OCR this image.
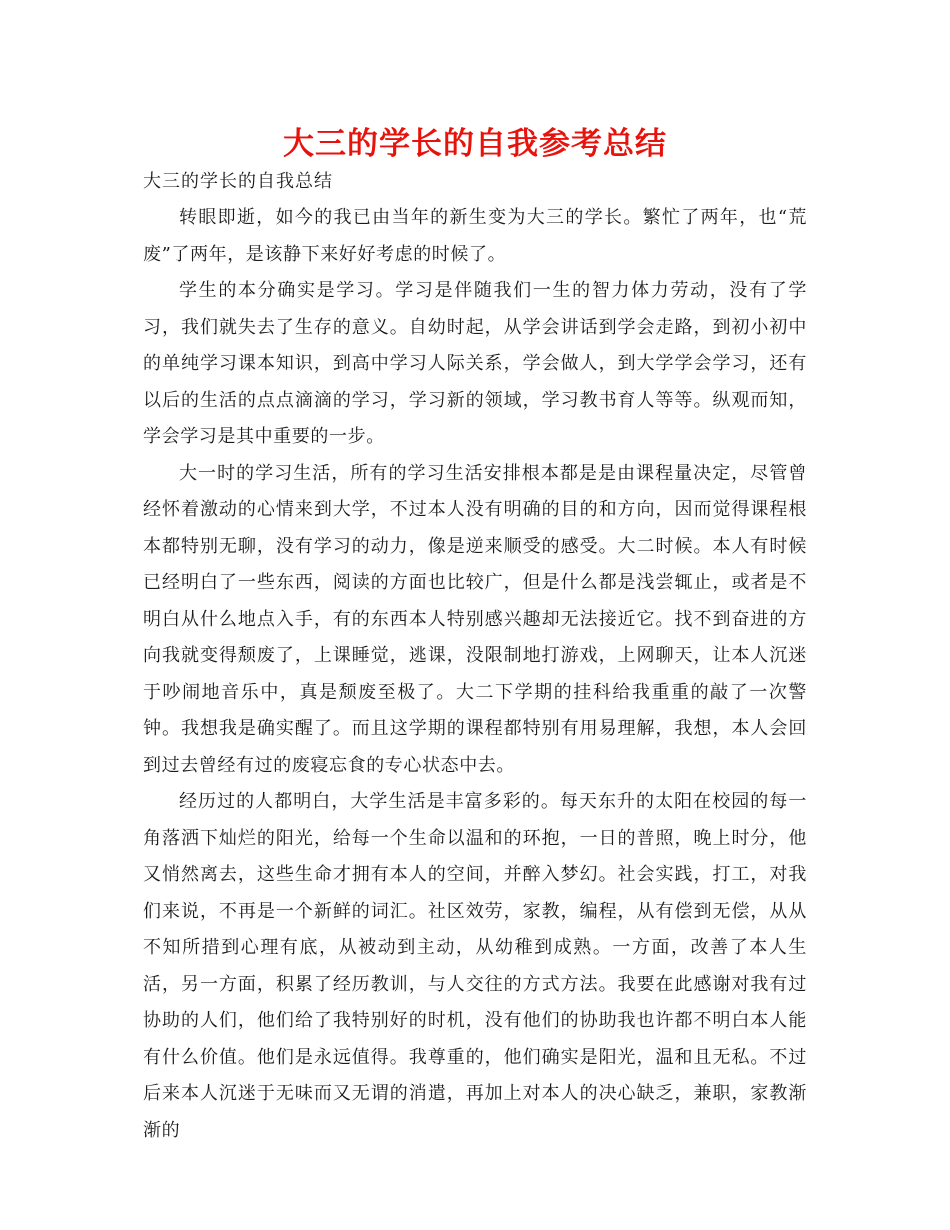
大三的学长的自我参考总结
大三的学长的自我总结

转眼即逝，如今的我已由当年的新生变为大三的学长。繁忙了两年，也“荒废”了两年，是该静下来好好考虑的时候了。

学生的本分确实是学习。学习是伴随我们一生的智力体力劳动，没有了学习，我们就失去了生存的意义。自幼时起，从学会讲话到学会走路，到初小初中的单纯学习课本知识，到高中学习人际关系，学会做人，到大学学会学习，还有以后的生活的点点滴滴的学习，学习新的领域，学习教书育人等等。纵观而知，学会学习是其中重要的一步。

大一时的学习生活，所有的学习生活安排根本都是是由课程量决定，尽管曾经怀着激动的心情来到大学，不过本人没有明确的目的和方向，因而觉得课程根本都特别无聊，没有学习的动力，像是逆来顺受的感受。大二时候。本人有时候已经明白了一些东西，阅读的方面也比较广，但是什么都是浅尝辄止，或者是不明白从什么地点入手，有的东西本人特别感兴趣却无法接近它。找不到奋进的方向我就变得颓废了，上课睡觉，逃课，没限制地打游戏，上网聊天，让本人沉迷于吵闹地音乐中，真是颓废至极了。大二下学期的挂科给我重重的敲了一次警钟。我想我是确实醒了。而且这学期的课程都特别有用易理解，我想，本人会回到过去曾经有过的废寝忘食的专心状态中去。

经历过的人都明白，大学生活是丰富多彩的。每天东升的太阳在校园的每一角落洒下灿烂的阳光，给每一个生命以温和的环抱，一日的普照，晚上时分，他又悄然离去，这些生命才拥有本人的空间，并醉入梦幻。社会实践，打工，对我们来说，不再是一个新鲜的词汇。社区效劳，家教，编程，从有偿到无偿，从从不知所措到心理有底，从被动到主动，从幼稚到成熟。一方面，改善了本人生活，另一方面，积累了经历教训，与人交往的方式方法。我要在此感谢对我有过协助的人们，他们给了我特别好的时机，没有他们的协助我也许都不明白本人能有什么价值。他们是永远值得。我尊重的，他们确实是阳光，温和且无私。不过后来本人沉迷于无味而又无谓的消遣，再加上对本人的决心缺乏，兼职，家教渐渐的
